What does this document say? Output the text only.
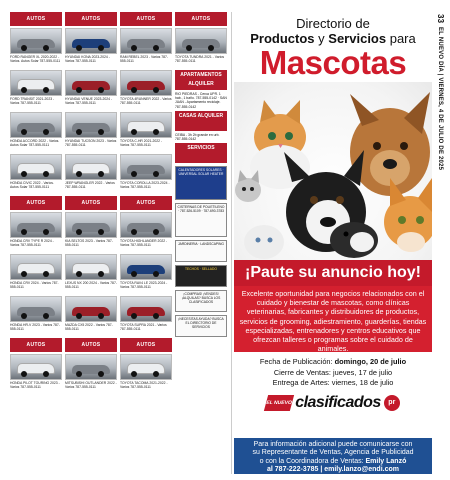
AUTOS
FORD RANGER XL 2020-2022 - Varios. Autos Solar 787-555-0111
FORD TRANSIT 2021-2023 - Varios 787-555-0111
HONDA ACCORD 2022 - Varios. Autos Solar 787-555-0111
HONDA CIVIC 2022 - Varios. Autos Solar 787-555-0111
AUTOS
HONDA CRV TYPE R 2024 - Varios 787-555-0111
HONDA CRV 2024 - Varios 787-555-0111
HONDA HR-V 2023 - Varios 787-555-0111
AUTOS
HONDA PILOT TOURING 2023 - Varios 787-555-0111
AUTOS
HYUNDAI KONA 2023-2024 - Varios 787-555-0111
HYUNDAI VENUE 2023-2024 - Varios 787-555-0111
HYUNDAI TUCSON 2023 - Varios 787-555-0111
JEEP WRANGLER 2022 - Varios 787-555-0111
AUTOS
KIA SELTOS 2023 - Varios 787-555-0111
LEXUS NX 200 2024 - Varios 787-555-0111
MAZDA CX5 2022 - Varios 787-555-0111
AUTOS
MITSUBISHI OUTLANDER 2022 - Varios 787-555-0111
AUTOS
RAM REBEL 2023 - Varios 787-555-0111
TOYOTA 4RUNNER 2022 - Varios 787-555-0111
TOYOTA C-HR 2021-2022 - Varios 787-555-0111
TOYOTA COROLLA 2023-2024 - Varios 787-555-0111
AUTOS
TOYOTA HIGHLANDER 2022 - Varios 787-555-0111
TOYOTA RAV4 LE 2023-2024 - Varios 787-555-0111
TOYOTA SUPRA 2021 - Varios 787-555-0111
AUTOS
TOYOTA TACOMA 2021-2022 - Varios 787-555-0111
AUTOS
TOYOTA TUNDRA 2021 - Varios 787-555-0111
APARTAMENTOS ALQUILER
RIO PIEDRAS - Cerca UPR. 1 hab., 1 baño. 787-555-0142 · SAN JUAN - Apartamento reciclaje. 787-555-0142
CASAS ALQUILER
CEIBA - 3h 2b grande en urb. 787-555-0142
SERVICIOS
CALENTADORES SOLARES · UNIVERSAL SOLAR HEATER
CISTERNAS DE POLIETILENO · 787-526-5109 · 787-690-3783
JARDINERIA · LANDSCAPING
TECHOS · SELLADO
¡COMPRAS! ¡VENDES! ¡ALQUILAS? BUSCA LOS CLASIFICADOS
¡NECESITAS AYUDA? BUSCA EL DIRECTORIO DE SERVICIOS
Directorio de
Productos y Servicios para
Mascotas
¡Paute su anuncio hoy!
Excelente oportunidad para negocios relacionados con el cuidado y bienestar de mascotas, como clínicas veterinarias, fabricantes y distribuidores de productos, servicios de grooming, adiestramiento, guarderías, tiendas especializadas, entrenadores y centros educativos que ofrezcan talleres o programas sobre el cuidado de animales.
Fecha de Publicación: domingo, 20 de julio
Cierre de Ventas: jueves, 17 de julio
Entrega de Artes: viernes, 18 de julio
EL NUEVO DÍA
clasificados	pr
Para información adicional puede comunicarse con
su Representante de Ventas, Agencia de Publicidad
o con la Coordinadora de Ventas: Emily Lanzó
al 787-222-3785 | emily.lanzo@endi.com
33  EL NUEVO DÍA | VIERNES, 4 DE JULIO DE 2025
